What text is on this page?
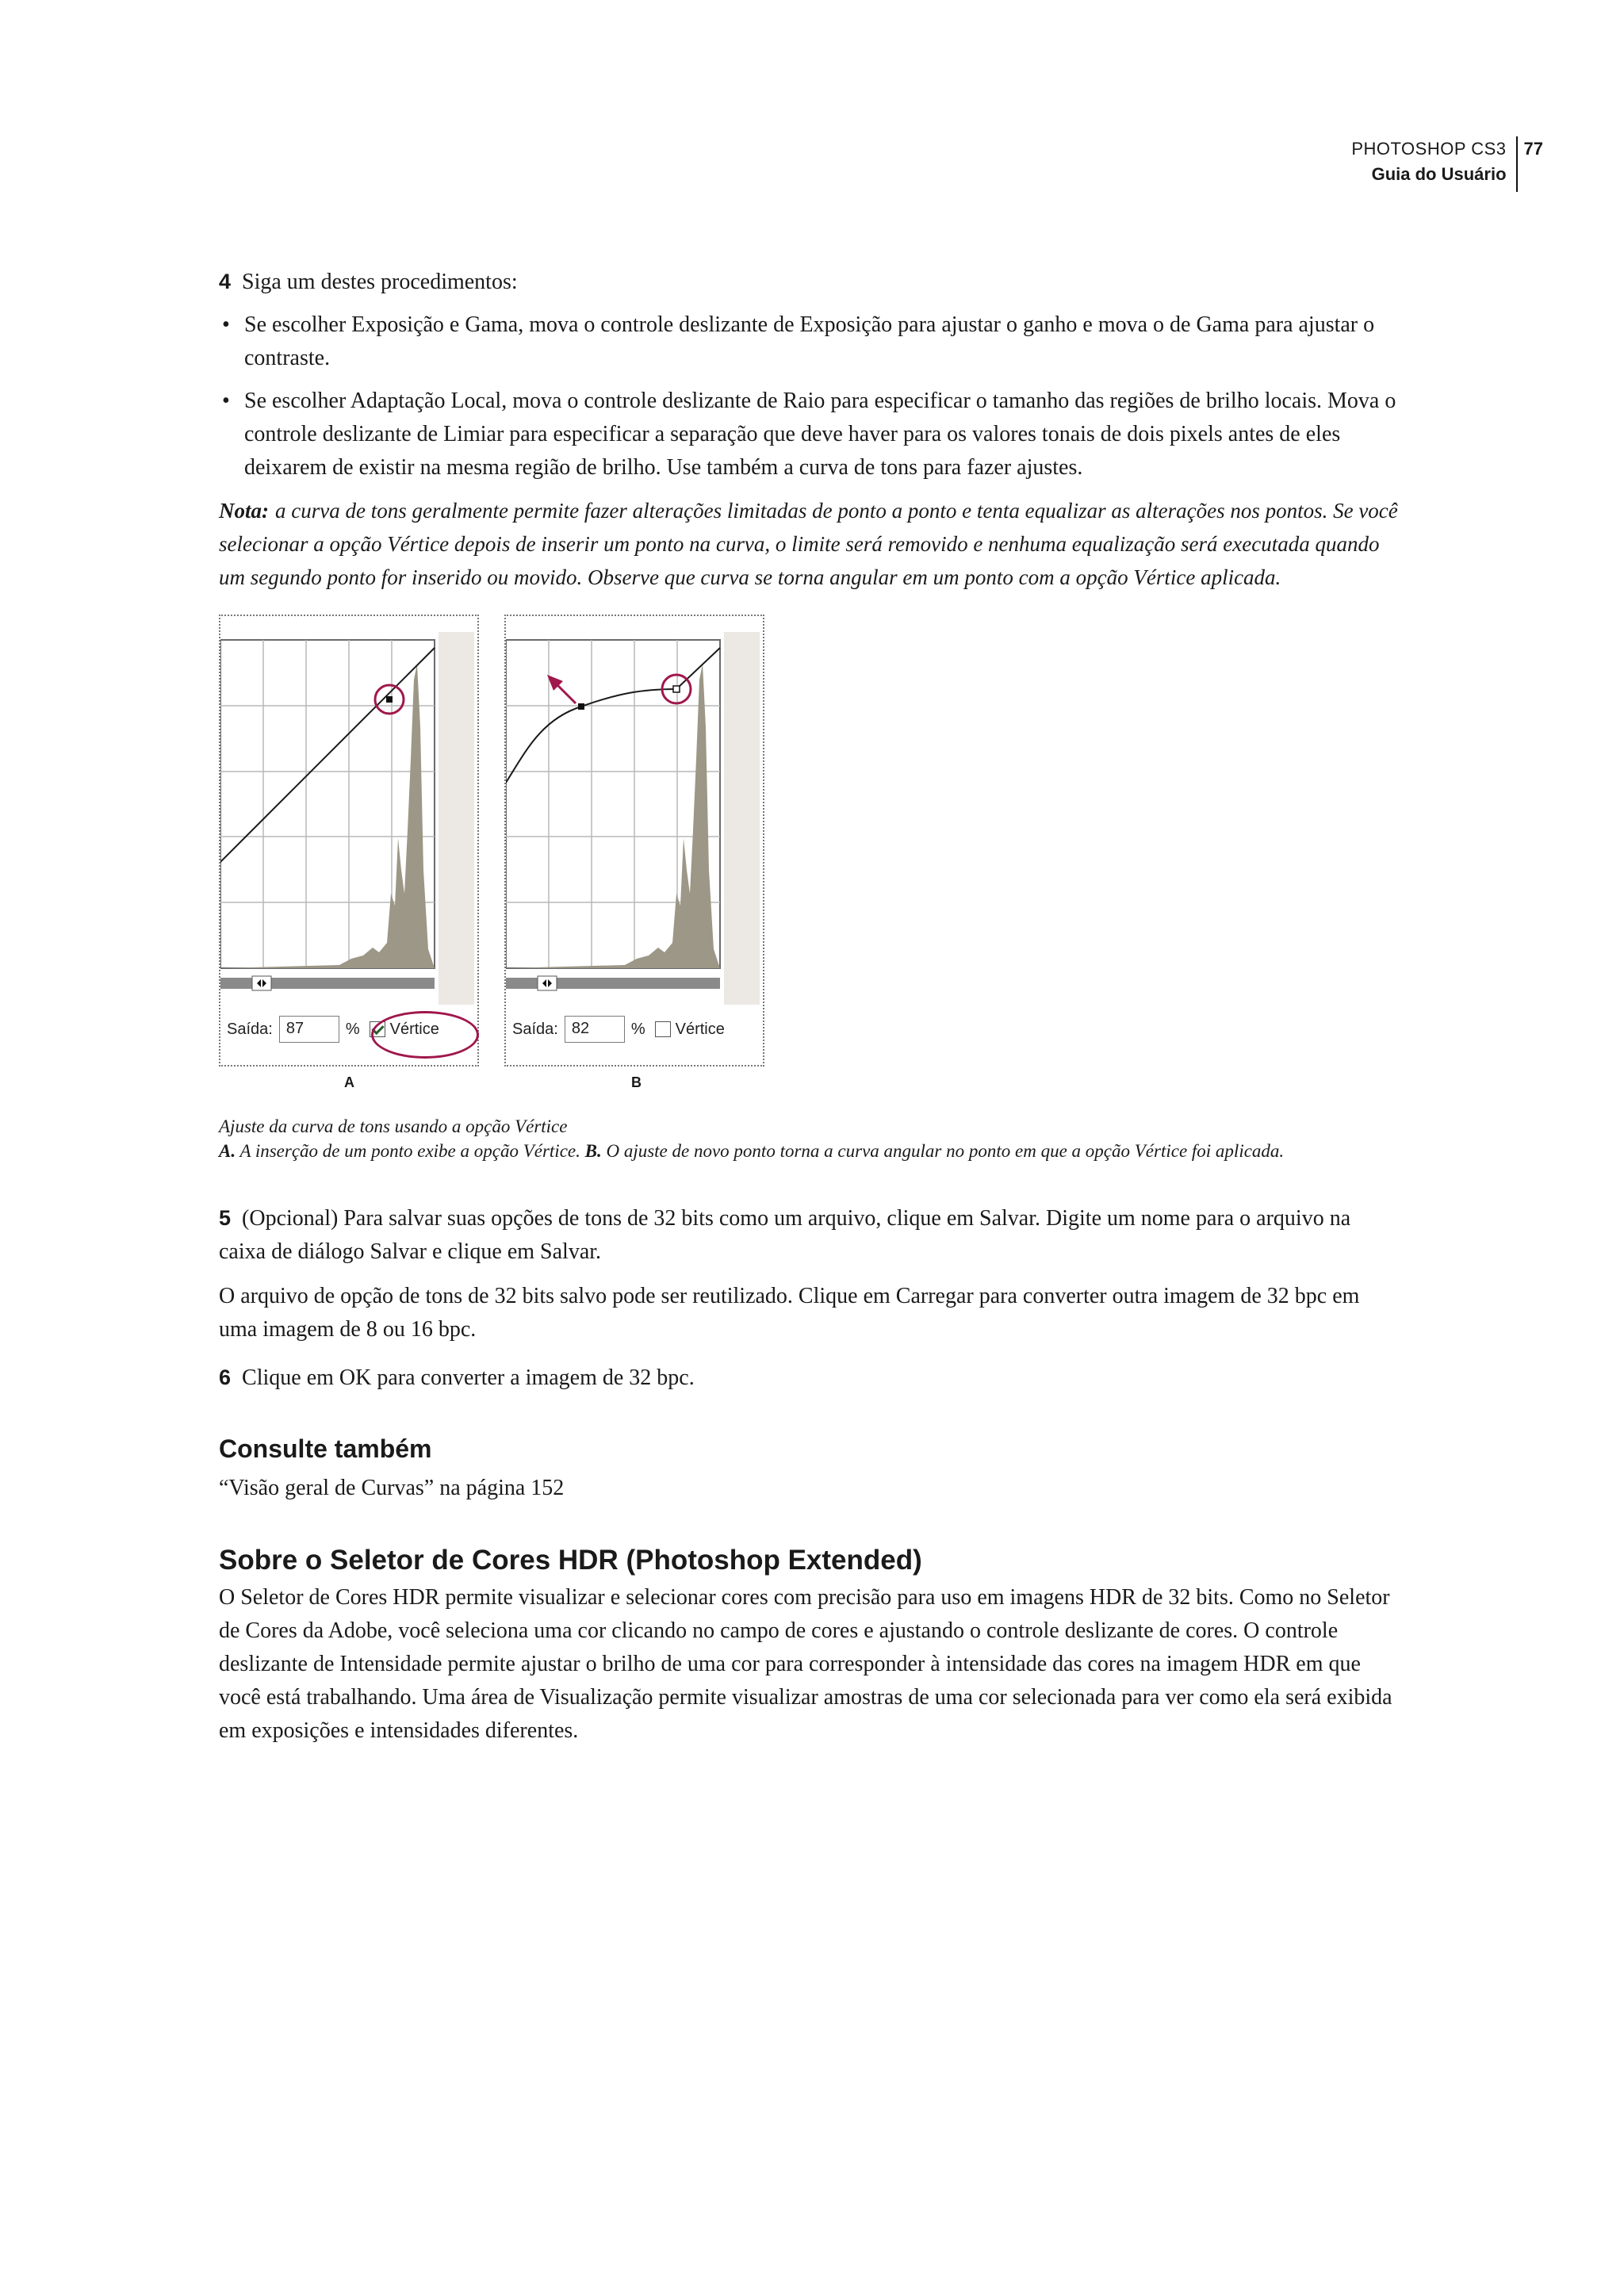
PHOTOSHOP CS3
Guia do Usuário
77

4 Siga um destes procedimentos:

• Se escolher Exposição e Gama, mova o controle deslizante de Exposição para ajustar o ganho e mova o de Gama para ajustar o contraste.
• Se escolher Adaptação Local, mova o controle deslizante de Raio para especificar o tamanho das regiões de brilho locais. Mova o controle deslizante de Limiar para especificar a separação que deve haver para os valores tonais de dois pixels antes de eles deixarem de existir na mesma região de brilho. Use também a curva de tons para fazer ajustes.

Nota: a curva de tons geralmente permite fazer alterações limitadas de ponto a ponto e tenta equalizar as alterações nos pontos. Se você selecionar a opção Vértice depois de inserir um ponto na curva, o limite será removido e nenhuma equalização será executada quando um segundo ponto for inserido ou movido. Observe que curva se torna angular em um ponto com a opção Vértice aplicada.

Saída: 87	% Vértice	Saída: 82	% Vértice
A	B
Ajuste da curva de tons usando a opção Vértice
A. A inserção de um ponto exibe a opção Vértice. B. O ajuste de novo ponto torna a curva angular no ponto em que a opção Vértice foi aplicada.

5 (Opcional) Para salvar suas opções de tons de 32 bits como um arquivo, clique em Salvar. Digite um nome para o arquivo na caixa de diálogo Salvar e clique em Salvar.

O arquivo de opção de tons de 32 bits salvo pode ser reutilizado. Clique em Carregar para converter outra imagem de 32 bpc em uma imagem de 8 ou 16 bpc.

6 Clique em OK para converter a imagem de 32 bpc.

Consulte também

“Visão geral de Curvas” na página 152

Sobre o Seletor de Cores HDR (Photoshop Extended)

O Seletor de Cores HDR permite visualizar e selecionar cores com precisão para uso em imagens HDR de 32 bits. Como no Seletor de Cores da Adobe, você seleciona uma cor clicando no campo de cores e ajustando o controle deslizante de cores. O controle deslizante de Intensidade permite ajustar o brilho de uma cor para corresponder à intensidade das cores na imagem HDR em que você está trabalhando. Uma área de Visualização permite visualizar amostras de uma cor selecionada para ver como ela será exibida em exposições e intensidades diferentes.
